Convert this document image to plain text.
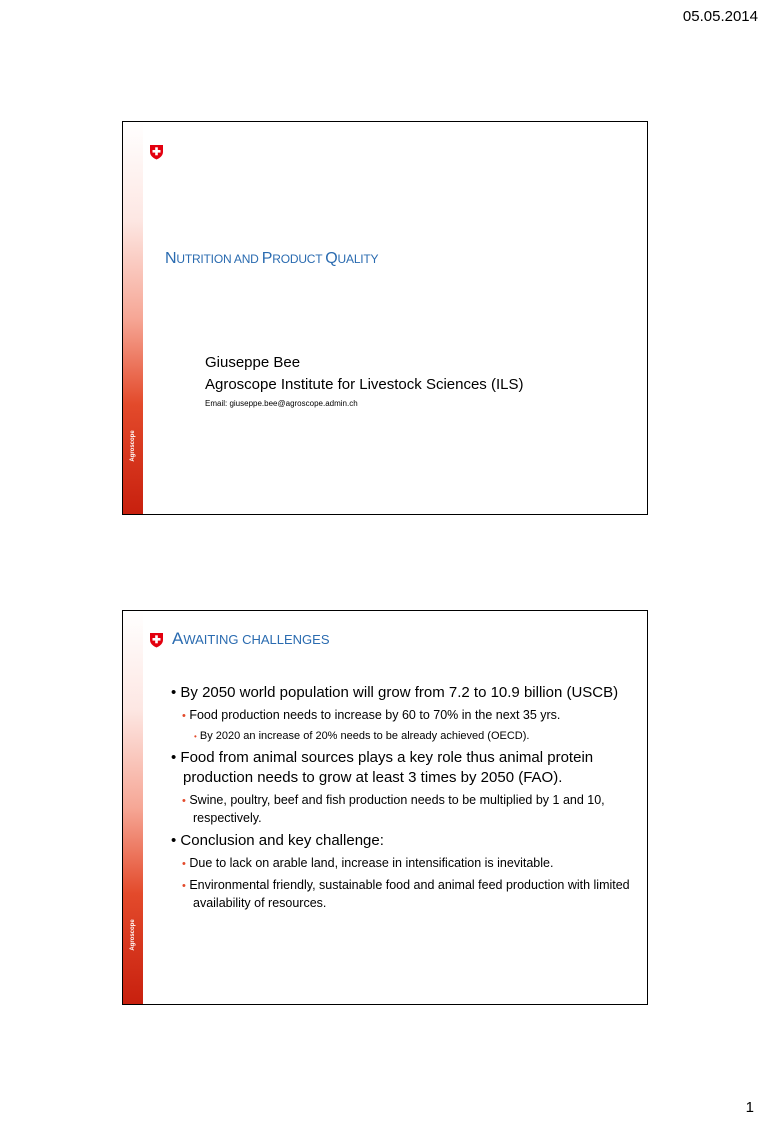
05.05.2014
Agroscope
NUTRITION AND PRODUCT QUALITY
Giuseppe Bee
Agroscope Institute for Livestock Sciences (ILS)
Email: giuseppe.bee@agroscope.admin.ch
Agroscope
AWAITING CHALLENGES
• By 2050 world population will grow from 7.2 to 10.9 billion (USCB)
• Food production needs to increase by 60 to 70% in the next 35 yrs.
• By 2020 an increase of 20% needs to be already achieved (OECD).
• Food from animal sources plays a key role thus animal protein production needs to grow at least 3 times by 2050 (FAO).
• Swine, poultry, beef and fish production needs to be multiplied by 1 and 10, respectively.
• Conclusion and key challenge:
• Due to lack on arable land, increase in intensification is inevitable.
• Environmental friendly, sustainable food and animal feed production with limited availability of resources.
1
